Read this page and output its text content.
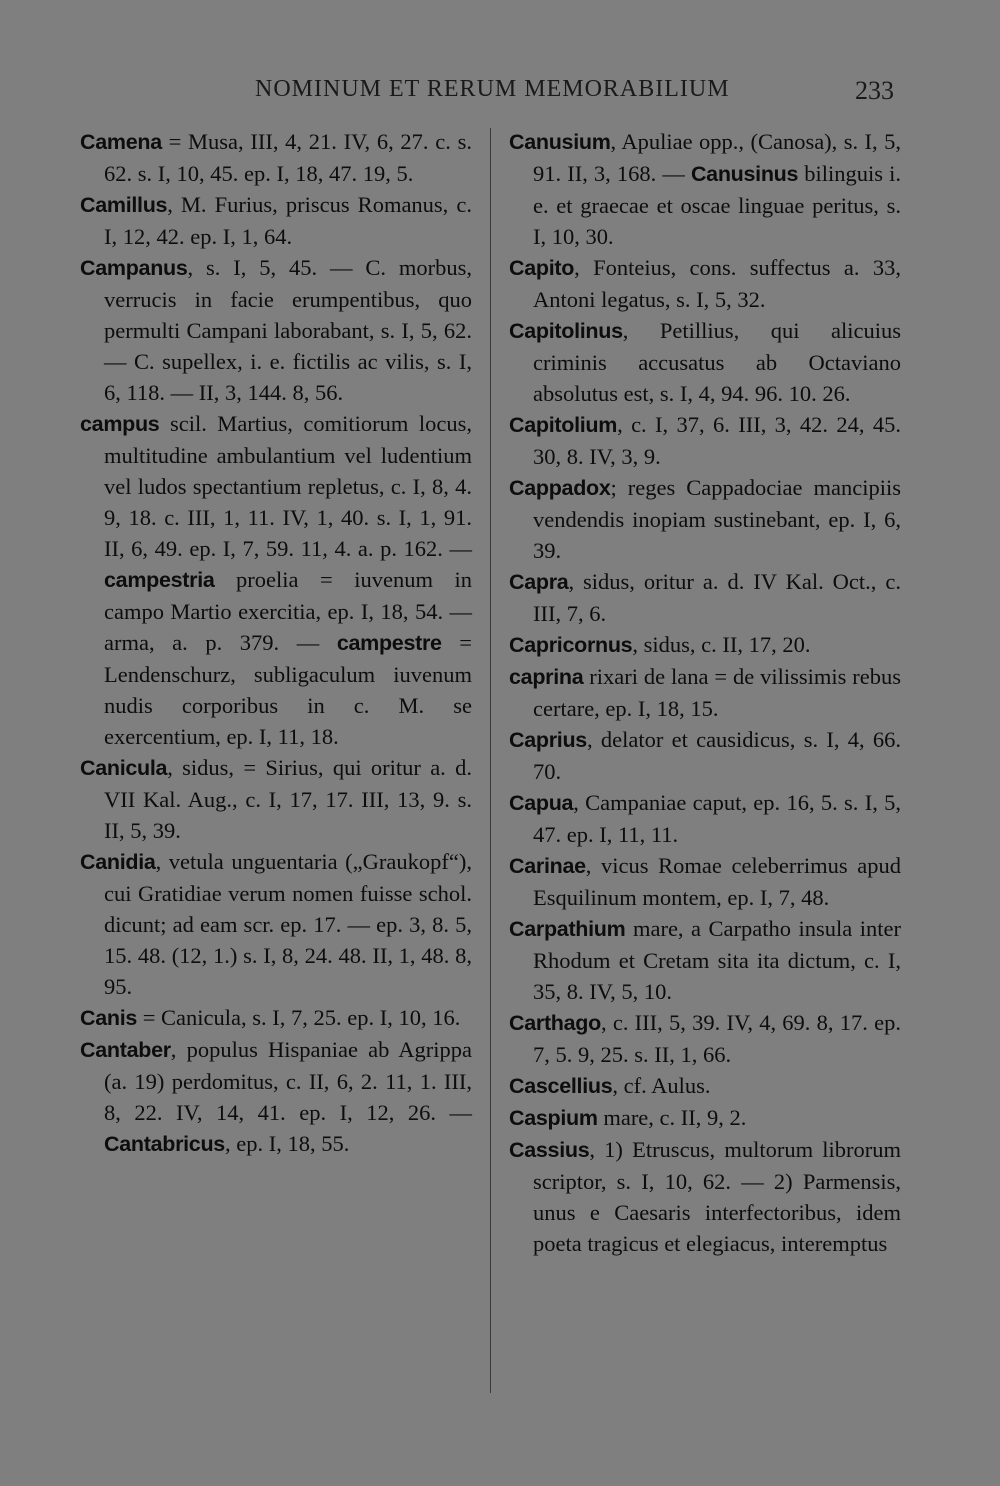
NOMINUM ET RERUM MEMORABILIUM	233

Camena = Musa, III, 4, 21. IV, 6, 27. c. s. 62. s. I, 10, 45. ep. I, 18, 47. 19, 5.

Camillus, M. Furius, priscus Romanus, c. I, 12, 42. ep. I, 1, 64.

Campanus, s. I, 5, 45. — C. morbus, verrucis in facie erumpentibus, quo permulti Campani laborabant, s. I, 5, 62. — C. supellex, i. e. fictilis ac vilis, s. I, 6, 118. — II, 3, 144. 8, 56.

campus scil. Martius, comitiorum locus, multitudine ambulantium vel ludentium vel ludos spectantium repletus, c. I, 8, 4. 9, 18. c. III, 1, 11. IV, 1, 40. s. I, 1, 91. II, 6, 49. ep. I, 7, 59. 11, 4. a. p. 162. — campestria proelia = iuvenum in campo Martio exercitia, ep. I, 18, 54. — arma, a. p. 379. — campestre = Lendenschurz, subligaculum iuvenum nudis corporibus in c. M. se exercentium, ep. I, 11, 18.

Canicula, sidus, = Sirius, qui oritur a. d. VII Kal. Aug., c. I, 17, 17. III, 13, 9. s. II, 5, 39.

Canidia, vetula unguentaria („Graukopf“), cui Gratidiae verum nomen fuisse schol. dicunt; ad eam scr. ep. 17. — ep. 3, 8. 5, 15. 48. (12, 1.) s. I, 8, 24. 48. II, 1, 48. 8, 95.

Canis = Canicula, s. I, 7, 25. ep. I, 10, 16.

Cantaber, populus Hispaniae ab Agrippa (a. 19) perdomitus, c. II, 6, 2. 11, 1. III, 8, 22. IV, 14, 41. ep. I, 12, 26. — Cantabricus, ep. I, 18, 55.

Canusium, Apuliae opp., (Canosa), s. I, 5, 91. II, 3, 168. — Canusinus bilinguis i. e. et graecae et oscae linguae peritus, s. I, 10, 30.

Capito, Fonteius, cons. suffectus a. 33, Antoni legatus, s. I, 5, 32.

Capitolinus, Petillius, qui alicuius criminis accusatus ab Octaviano absolutus est, s. I, 4, 94. 96. 10. 26.

Capitolium, c. I, 37, 6. III, 3, 42. 24, 45. 30, 8. IV, 3, 9.

Cappadox; reges Cappadociae mancipiis vendendis inopiam sustinebant, ep. I, 6, 39.

Capra, sidus, oritur a. d. IV Kal. Oct., c. III, 7, 6.

Capricornus, sidus, c. II, 17, 20.

caprina rixari de lana = de vilissimis rebus certare, ep. I, 18, 15.

Caprius, delator et causidicus, s. I, 4, 66. 70.

Capua, Campaniae caput, ep. 16, 5. s. I, 5, 47. ep. I, 11, 11.

Carinae, vicus Romae celeberrimus apud Esquilinum montem, ep. I, 7, 48.

Carpathium mare, a Carpatho insula inter Rhodum et Cretam sita ita dictum, c. I, 35, 8. IV, 5, 10.

Carthago, c. III, 5, 39. IV, 4, 69. 8, 17. ep. 7, 5. 9, 25. s. II, 1, 66.

Cascellius, cf. Aulus.

Caspium mare, c. II, 9, 2.

Cassius, 1) Etruscus, multorum librorum scriptor, s. I, 10, 62. — 2) Parmensis, unus e Caesaris interfectoribus, idem poeta tragicus et elegiacus, interemptus
